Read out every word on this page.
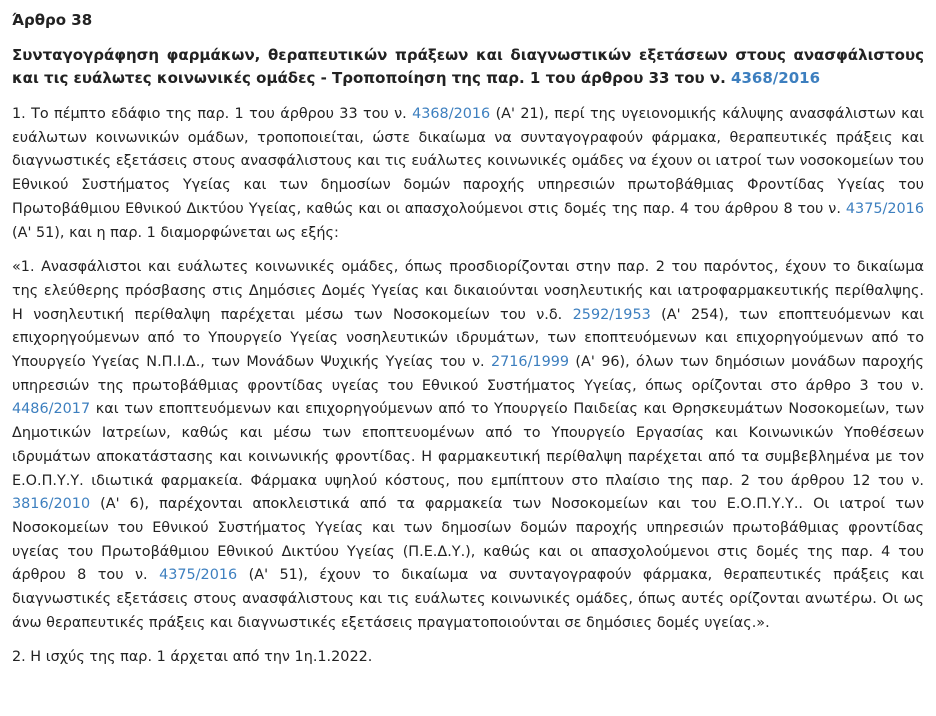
Άρθρο 38
Συνταγογράφηση φαρμάκων, θεραπευτικών πράξεων και διαγνωστικών εξετάσεων στους ανασφάλιστους και τις ευάλωτες κοινωνικές ομάδες - Τροποποίηση της παρ. 1 του άρθρου 33 του ν. 4368/2016

1. Το πέμπτο εδάφιο της παρ. 1 του άρθρου 33 του ν. 4368/2016 (Α' 21), περί της υγειονομικής κάλυψης ανασφάλιστων και ευάλωτων κοινωνικών ομάδων, τροποποιείται, ώστε δικαίωμα να συνταγογραφούν φάρμακα, θεραπευτικές πράξεις και διαγνωστικές εξετάσεις στους ανασφάλιστους και τις ευάλωτες κοινωνικές ομάδες να έχουν οι ιατροί των νοσοκομείων του Εθνικού Συστήματος Υγείας και των δημοσίων δομών παροχής υπηρεσιών πρωτοβάθμιας Φροντίδας Υγείας του Πρωτοβάθμιου Εθνικού Δικτύου Υγείας, καθώς και οι απασχολούμενοι στις δομές της παρ. 4 του άρθρου 8 του ν. 4375/2016 (Α' 51), και η παρ. 1 διαμορφώνεται ως εξής:

«1. Ανασφάλιστοι και ευάλωτες κοινωνικές ομάδες, όπως προσδιορίζονται στην παρ. 2 του παρόντος, έχουν το δικαίωμα της ελεύθερης πρόσβασης στις Δημόσιες Δομές Υγείας και δικαιούνται νοσηλευτικής και ιατροφαρμακευτικής περίθαλψης. Η νοσηλευτική περίθαλψη παρέχεται μέσω των Νοσοκομείων του ν.δ. 2592/1953 (Α' 254), των εποπτευόμενων και επιχορηγούμενων από το Υπουργείο Υγείας νοσηλευτικών ιδρυμάτων, των εποπτευόμενων και επιχορηγούμενων από το Υπουργείο Υγείας Ν.Π.Ι.Δ., των Μονάδων Ψυχικής Υγείας του ν. 2716/1999 (Α' 96), όλων των δημόσιων μονάδων παροχής υπηρεσιών της πρωτοβάθμιας φροντίδας υγείας του Εθνικού Συστήματος Υγείας, όπως ορίζονται στο άρθρο 3 του ν. 4486/2017 και των εποπτευόμενων και επιχορηγούμενων από το Υπουργείο Παιδείας και Θρησκευμάτων Νοσοκομείων, των Δημοτικών Ιατρείων, καθώς και μέσω των εποπτευομένων από το Υπουργείο Εργασίας και Κοινωνικών Υποθέσεων ιδρυμάτων αποκατάστασης και κοινωνικής φροντίδας. Η φαρμακευτική περίθαλψη παρέχεται από τα συμβεβλημένα με τον Ε.Ο.Π.Υ.Υ. ιδιωτικά φαρμακεία. Φάρμακα υψηλού κόστους, που εμπίπτουν στο πλαίσιο της παρ. 2 του άρθρου 12 του ν. 3816/2010 (Α' 6), παρέχονται αποκλειστικά από τα φαρμακεία των Νοσοκομείων και του Ε.Ο.Π.Υ.Υ.. Οι ιατροί των Νοσοκομείων του Εθνικού Συστήματος Υγείας και των δημοσίων δομών παροχής υπηρεσιών πρωτοβάθμιας φροντίδας υγείας του Πρωτοβάθμιου Εθνικού Δικτύου Υγείας (Π.Ε.Δ.Υ.), καθώς και οι απασχολούμενοι στις δομές της παρ. 4 του άρθρου 8 του ν. 4375/2016 (Α' 51), έχουν το δικαίωμα να συνταγογραφούν φάρμακα, θεραπευτικές πράξεις και διαγνωστικές εξετάσεις στους ανασφάλιστους και τις ευάλωτες κοινωνικές ομάδες, όπως αυτές ορίζονται ανωτέρω. Οι ως άνω θεραπευτικές πράξεις και διαγνωστικές εξετάσεις πραγματοποιούνται σε δημόσιες δομές υγείας.».

2. Η ισχύς της παρ. 1 άρχεται από την 1η.1.2022.
